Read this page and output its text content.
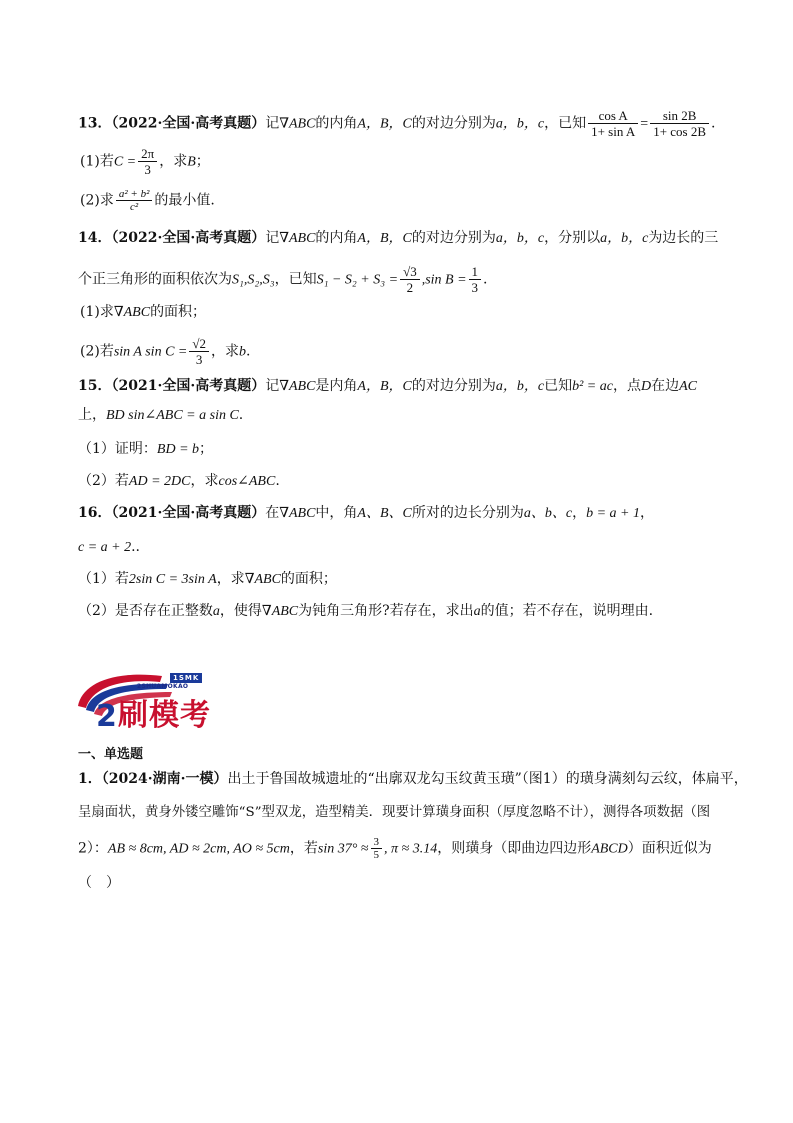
13．（2022·全国·高考真题）记∇ABC的内角A，B，C的对边分别为a，b，c，已知 $\frac{\text{cos A}}{\text{1+ sin A}} = \frac{\sin 2B}{1+ \cos 2B}$ .
(1)若$C = \frac{2\pi}{3}$ ，求B；
(2)求 $\frac{\text{a² + b²}}{\text{c²}}$ 的最小值.
14．（2022·全国·高考真题）记∇ABC的内角A，B，C的对边分别为a，b，c，分别以a，b，c为边长的三
个正三角形的面积依次为S₁,S₂,S₃，已知$S_1 - S_2 + S_3 = \frac{√3}{2} ,\sin$ $B = \frac{1}{3}$ .
(1)求∇ABC的面积；
(2)若sin A $\sin C = \frac{√2}{3}$ ，求b.
15．（2021·全国·高考真题）记∇ABC是内角A，B，C的对边分别为a，b，c已知b² = ac，点D在边AC
上，BD sin∠ABC = a sin C.
（1）证明：BD = b；
（2）若AD = 2DC，求cos∠ABC.
16．（2021·全国·高考真题）在∇ABC中，角A、B、C所对的边长分别为a、b、c，b = a + 1，
c = a + 2..
（1）若2sin C = 3sin A，求∇ABC的面积；
（2）是否存在正整数a，使得∇ABC为钝角三角形?若存在，求出a的值；若不存在，说明理由.
2
1SMK
2SHUAMOKAO
刷模考
一、单选题
1．（2024·湖南·一模）出土于鲁国故城遗址的“出廓双龙勾玉纹黄玉璜”（图1）的璜身满刻勾云纹，体扁平，
呈扇面状，黄身外镂空雕饰“S”型双龙，造型精美．现要计算璜身面积（厚度忽略不计），测得各项数据（图
2）：AB ≈ 8cm, AD ≈ 2cm, AO ≈ 5cm，若$\sin 37^\circ \approx \frac{3}{5}$ , π ≈ 3.14，则璜身（即曲边四边形ABCD）面积近似为
（　）
